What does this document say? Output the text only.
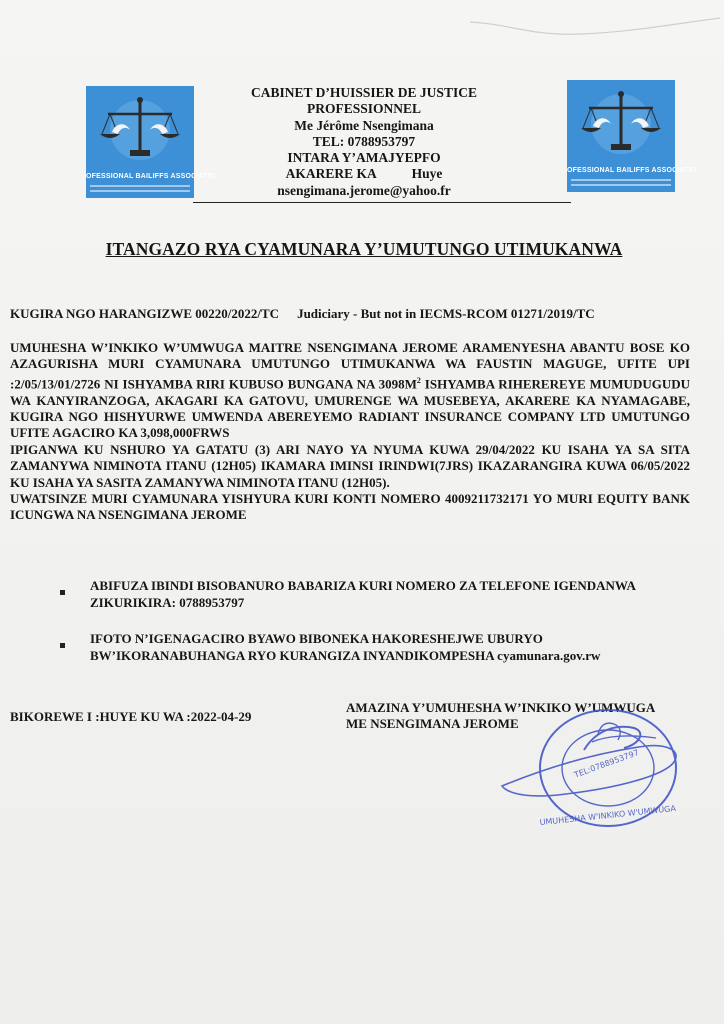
OFESSIONAL BAILIFFS ASSOCIATIO
OFESSIONAL BAILIFFS ASSOCIATIO
CABINET D’HUISSIER DE JUSTICE
PROFESSIONNEL
Me Jérôme Nsengimana
TEL: 0788953797
INTARA Y’AMAJYEPFO
AKARERE KA	Huye
nsengimana.jerome@yahoo.fr
ITANGAZO RYA CYAMUNARA Y’UMUTUNGO UTIMUKANWA
KUGIRA NGO HARANGIZWE 00220/2022/TC Judiciary - But not in IECMS-RCOM 01271/2019/TC

UMUHESHA W’INKIKO W’UMWUGA MAITRE NSENGIMANA JEROME ARAMENYESHA ABANTU BOSE KO AZAGURISHA MURI CYAMUNARA UMUTUNGO UTIMUKANWA WA FAUSTIN MAGUGE, UFITE UPI :2/05/13/01/2726 NI ISHYAMBA RIRI KUBUSO BUNGANA NA $3098M^2$ ISHYAMBA RIHEREREYE MUMUDUGUDU WA KANYIRANZOGA, AKAGARI KA GATOVU, UMURENGE WA MUSEBEYA, AKARERE KA NYAMAGABE, KUGIRA NGO HISHYURWE UMWENDA ABEREYEMO RADIANT INSURANCE COMPANY LTD UMUTUNGO UFITE AGACIRO KA 3,098,000FRWS

IPIGANWA KU NSHURO YA GATATU (3) ARI NAYO YA NYUMA KUWA 29/04/2022 KU ISAHA YA SA SITA ZAMANYWA NIMINOTA ITANU (12H05) IKAMARA IMINSI IRINDWI(7JRS) IKAZARANGIRA KUWA 06/05/2022 KU ISAHA YA SASITA ZAMANYWA NIMINOTA ITANU (12H05).

UWATSINZE MURI CYAMUNARA YISHYURA KURI KONTI NOMERO 4009211732171 YO MURI EQUITY BANK ICUNGWA NA NSENGIMANA JEROME

ABIFUZA IBINDI BISOBANURO BABARIZA KURI NOMERO ZA TELEFONE IGENDANWA ZIKURIKIRA: 0788953797
IFOTO N’IGENAGACIRO BYAWO BIBONEKA HAKORESHEJWE UBURYO BW’IKORANABUHANGA RYO KURANGIZA INYANDIKOMPESHA cyamunara.gov.rw
BIKOREWE I :HUYE KU WA :2022-04-29
AMAZINA Y’UMUHESHA W’INKIKO W’UMWUGA
ME NSENGIMANA JEROME
TEL:0788953797
UMUHESHA W'INKIKO W'UMWUGA
